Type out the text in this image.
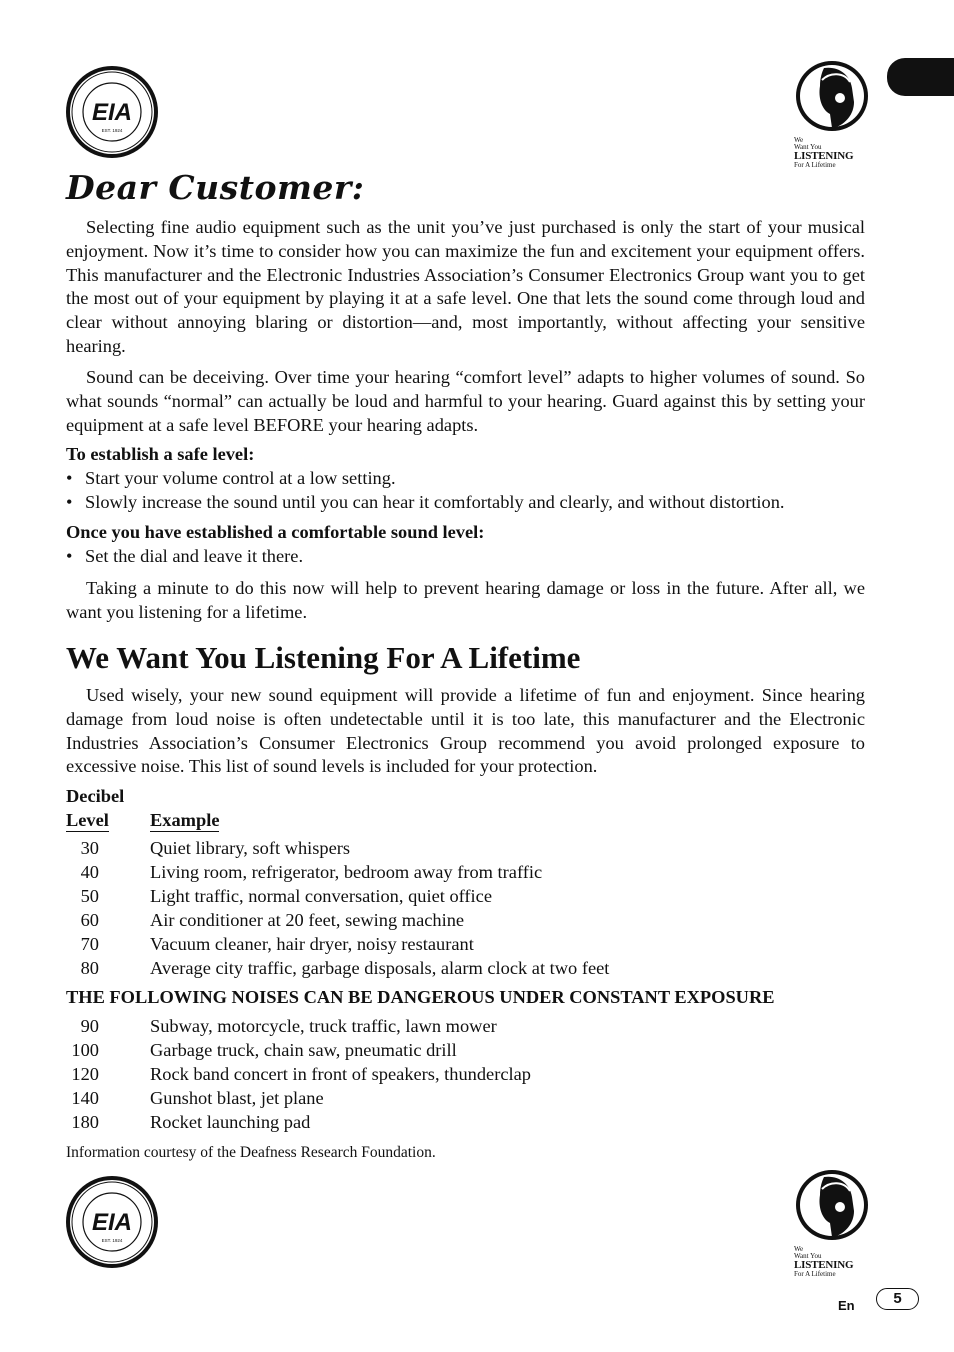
EIA
EST. 1924
We
Want You
LISTENING
For A Lifetime
Dear Customer:

Selecting fine audio equipment such as the unit you’ve just purchased is only the start of your musical enjoyment. Now it’s time to consider how you can maximize the fun and excitement your equipment offers. This manufacturer and the Electronic Industries Association’s Consumer Electronics Group want you to get the most out of your equipment by playing it at a safe level. One that lets the sound come through loud and clear without annoying blaring or distortion—and, most importantly, without affecting your sensitive hearing.

Sound can be deceiving. Over time your hearing “comfort level” adapts to higher volumes of sound. So what sounds “normal” can actually be loud and harmful to your hearing. Guard against this by setting your equipment at a safe level BEFORE your hearing adapts.

To establish a safe level:
• Start your volume control at a low setting.
• Slowly increase the sound until you can hear it comfortably and clearly, and without distortion.
Once you have established a comfortable sound level:
• Set the dial and leave it there.

Taking a minute to do this now will help to prevent hearing damage or loss in the future. After all, we want you listening for a lifetime.

We Want You Listening For A Lifetime

Used wisely, your new sound equipment will provide a lifetime of fun and enjoyment. Since hearing damage from loud noise is often undetectable until it is too late, this manufacturer and the Electronic Industries Association’s Consumer Electronics Group recommend you avoid prolonged exposure to excessive noise. This list of sound levels is included for your protection.

Decibel
Level Example
30	Quiet library, soft whispers
40	Living room, refrigerator, bedroom away from traffic
50	Light traffic, normal conversation, quiet office
60	Air conditioner at 20 feet, sewing machine
70	Vacuum cleaner, hair dryer, noisy restaurant
80	Average city traffic, garbage disposals, alarm clock at two feet
THE FOLLOWING NOISES CAN BE DANGEROUS UNDER CONSTANT EXPOSURE
90	Subway, motorcycle, truck traffic, lawn mower
100	Garbage truck, chain saw, pneumatic drill
120	Rock band concert in front of speakers, thunderclap
140	Gunshot blast, jet plane
180	Rocket launching pad
Information courtesy of the Deafness Research Foundation.
EIA
EST. 1924
We
Want You
LISTENING
For A Lifetime
En	5
